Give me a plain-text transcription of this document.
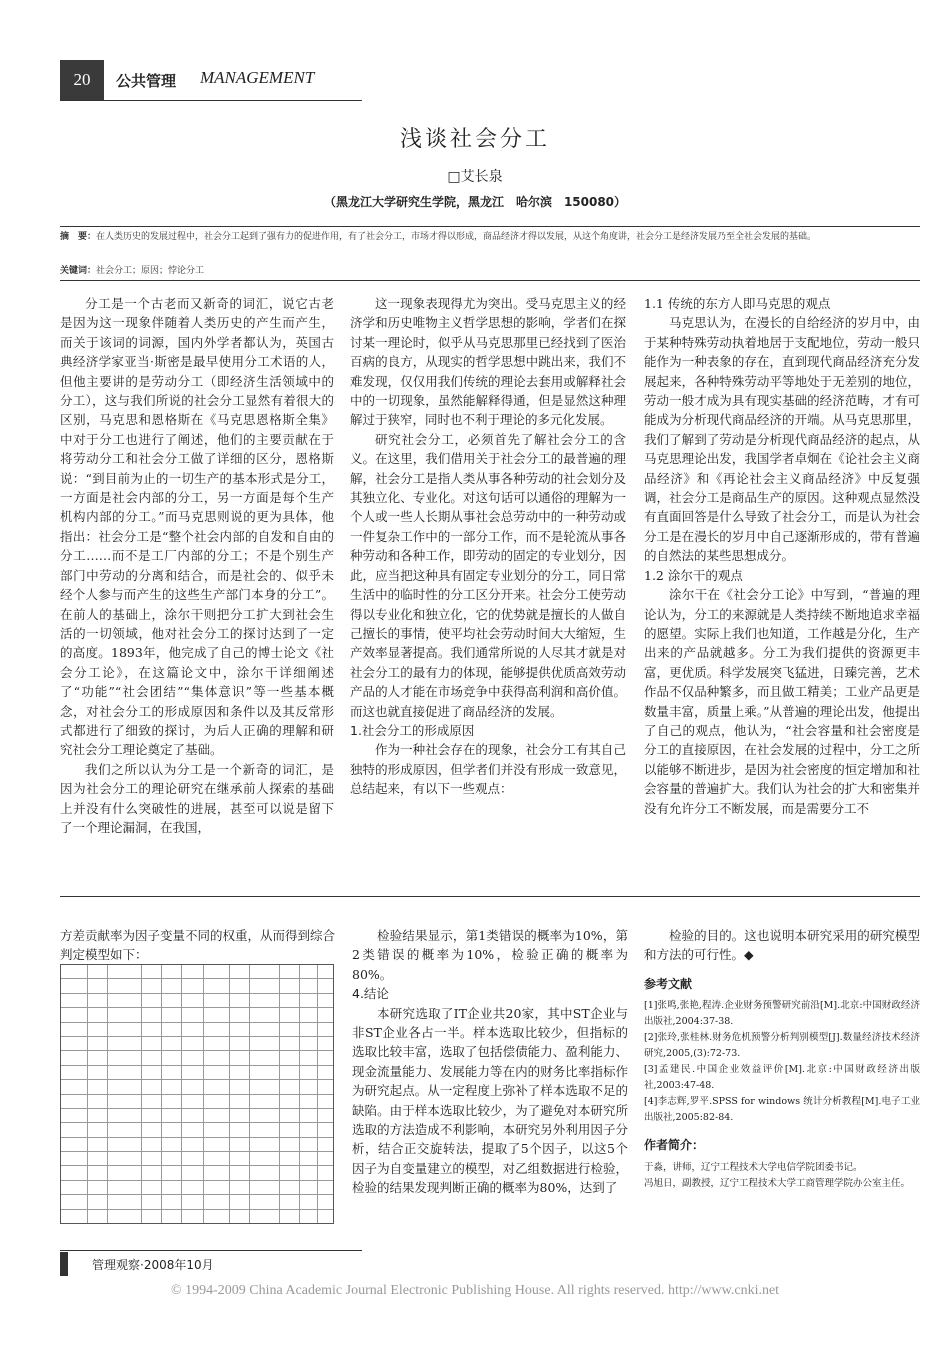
20	公共管理 MANAGEMENT
浅谈社会分工
□艾长泉
（黑龙江大学研究生学院，黑龙江　哈尔滨　150080）
摘　要：在人类历史的发展过程中，社会分工起到了强有力的促进作用，有了社会分工，市场才得以形成，商品经济才得以发展，从这个角度讲，社会分工是经济发展乃至全社会发展的基础。
关键词：社会分工；原因；悖论分工

分工是一个古老而又新奇的词汇，说它古老是因为这一现象伴随着人类历史的产生而产生，而关于该词的词源，国内外学者都认为，英国古典经济学家亚当·斯密是最早使用分工术语的人，但他主要讲的是劳动分工（即经济生活领域中的分工），这与我们所说的社会分工显然有着很大的区别，马克思和恩格斯在《马克思恩格斯全集》中对于分工也进行了阐述，他们的主要贡献在于将劳动分工和社会分工做了详细的区分，恩格斯说：“到目前为止的一切生产的基本形式是分工，一方面是社会内部的分工，另一方面是每个生产机构内部的分工。”而马克思则说的更为具体，他指出：社会分工是“整个社会内部的自发和自由的分工……而不是工厂内部的分工；不是个别生产部门中劳动的分离和结合，而是社会的、似乎未经个人参与而产生的这些生产部门本身的分工”。在前人的基础上，涂尔干则把分工扩大到社会生活的一切领域，他对社会分工的探讨达到了一定的高度。1893年，他完成了自己的博士论文《社会分工论》，在这篇论文中，涂尔干详细阐述了“功能”“社会团结”“集体意识”等一些基本概念，对社会分工的形成原因和条件以及其反常形式都进行了细致的探讨，为后人正确的理解和研究社会分工理论奠定了基础。

我们之所以认为分工是一个新奇的词汇，是因为社会分工的理论研究在继承前人探索的基础上并没有什么突破性的进展，甚至可以说是留下了一个理论漏洞，在我国，

这一现象表现得尤为突出。受马克思主义的经济学和历史唯物主义哲学思想的影响，学者们在探讨某一理论时，似乎从马克思那里已经找到了医治百病的良方，从现实的哲学思想中跳出来，我们不难发现，仅仅用我们传统的理论去套用或解释社会中的一切现象，虽然能解释得通，但是显然这种理解过于狭窄，同时也不利于理论的多元化发展。

研究社会分工，必须首先了解社会分工的含义。在这里，我们借用关于社会分工的最普遍的理解，社会分工是指人类从事各种劳动的社会划分及其独立化、专业化。对这句话可以通俗的理解为一个人或一些人长期从事社会总劳动中的一种劳动或一件复杂工作中的一部分工作，而不是轮流从事各种劳动和各种工作，即劳动的固定的专业划分，因此，应当把这种具有固定专业划分的分工，同日常生活中的临时性的分工区分开来。社会分工使劳动得以专业化和独立化，它的优势就是擅长的人做自己擅长的事情，使平均社会劳动时间大大缩短，生产效率显著提高。我们通常所说的人尽其才就是对社会分工的最有力的体现，能够提供优质高效劳动产品的人才能在市场竞争中获得高利润和高价值。而这也就直接促进了商品经济的发展。

1.社会分工的形成原因

作为一种社会存在的现象，社会分工有其自己独特的形成原因，但学者们并没有形成一致意见，总结起来，有以下一些观点：

1.1 传统的东方人即马克思的观点

马克思认为，在漫长的自给经济的岁月中，由于某种特殊劳动执着地居于支配地位，劳动一般只能作为一种表象的存在，直到现代商品经济充分发展起来，各种特殊劳动平等地处于无差别的地位，劳动一般才成为具有现实基础的经济范畴，才有可能成为分析现代商品经济的开端。从马克思那里，我们了解到了劳动是分析现代商品经济的起点，从马克思理论出发，我国学者卓炯在《论社会主义商品经济》和《再论社会主义商品经济》中反复强调，社会分工是商品生产的原因。这种观点显然没有直面回答是什么导致了社会分工，而是认为社会分工是在漫长的岁月中自己逐渐形成的，带有普遍的自然法的某些思想成分。

1.2 涂尔干的观点

涂尔干在《社会分工论》中写到，“普遍的理论认为，分工的来源就是人类持续不断地追求幸福的愿望。实际上我们也知道，工作越是分化，生产出来的产品就越多。分工为我们提供的资源更丰富，更优质。科学发展突飞猛进，日臻完善，艺术作品不仅品种繁多，而且做工精美；工业产品更是数量丰富，质量上乘。”从普遍的理论出发，他提出了自己的观点，他认为，“社会容量和社会密度是分工的直接原因，在社会发展的过程中，分工之所以能够不断进步，是因为社会密度的恒定增加和社会容量的普遍扩大。我们认为社会的扩大和密集并没有允许分工不断发展，而是需要分工不

方差贡献率为因子变量不同的权重，从而得到综合判定模型如下：

检验结果显示，第1类错误的概率为10%，第2类错误的概率为10%，检验正确的概率为80%。

4.结论

本研究选取了IT企业共20家，其中ST企业与非ST企业各占一半。样本选取比较少，但指标的选取比较丰富，选取了包括偿债能力、盈利能力、现金流量能力、发展能力等在内的财务比率指标作为研究起点。从一定程度上弥补了样本选取不足的缺陷。由于样本选取比较少，为了避免对本研究所选取的方法造成不利影响，本研究另外利用因子分析，结合正交旋转法，提取了5个因子，以这5个因子为自变量建立的模型，对乙组数据进行检验，检验的结果发现判断正确的概率为80%，达到了

检验的目的。这也说明本研究采用的研究模型和方法的可行性。◆

参考文献
[1]张鸣,张艳,程涛.企业财务预警研究前沿[M].北京:中国财政经济出版社,2004:37-38.
[2]张玲,张桂林.财务危机预警分析判别模型[J].数量经济技术经济研究,2005,(3):72-73.
[3]孟建民.中国企业效益评价[M].北京:中国财政经济出版社,2003:47-48.
[4]李志辉,罗平.SPSS for windows 统计分析教程[M].电子工业出版社,2005:82-84.
作者简介：
于淼，讲师，辽宁工程技术大学电信学院团委书记。
冯旭日，副教授，辽宁工程技术大学工商管理学院办公室主任。
管理观察·2008年10月
© 1994-2009 China Academic Journal Electronic Publishing House. All rights reserved. http://www.cnki.net
